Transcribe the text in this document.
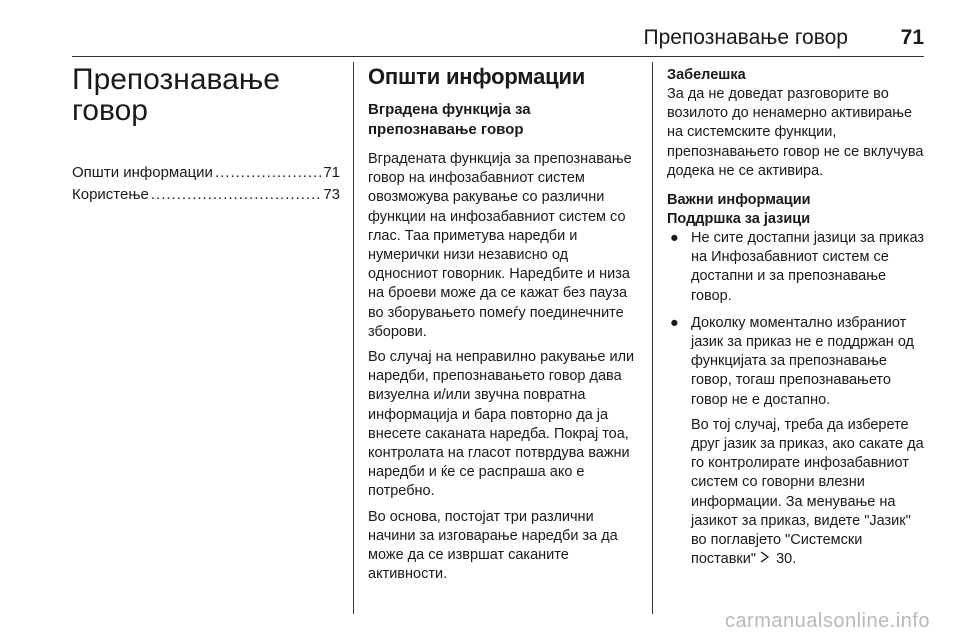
Препознавање говор	71
Препознавање
говор
Општи информации .....	71
Користење .....	73
Општи информации
Вградена функција за препознавање говор

Вградената функција за препознавање говор на инфозабавниот систем овозможува ракување со различни функции на инфозабавниот систем со глас. Таа приметува наредби и нумерички низи независно од односниот говорник. Наредбите и низа на броеви може да се кажат без пауза во зборувањето помеѓу поединечните зборови.

Во случај на неправилно ракување или наредби, препознавањето говор дава визуелна и/или звучна повратна информација и бара повторно да ја внесете саканата наредба. Покрај тоа, контролата на гласот потврдува важни наредби и ќе се распраша ако е потребно.

Во основа, постојат три различни начини за изговарање наредби за да може да се извршат саканите активности.

Забелешка

За да не доведат разговорите во возилото до ненамерно активирање на системските функции, препознавањето говор не се вклучува додека не се активира.

Важни информации
Поддршка за јазици
● Не сите достапни јазици за приказ на Инфозабавниот систем се достапни и за препознавање говор.

● Доколку моментално избраниот јазик за приказ не е поддржан од функцијата за препознавање говор, тогаш препознавањето говор не е достапно.

Во тој случај, треба да изберете друг јазик за приказ, ако сакате да го контролирате инфозабавниот систем со говорни влезни информации. За менување на јазикот за приказ, видете "Јазик" во поглавјето "Системски поставки" 30.

carmanualsonline.info
